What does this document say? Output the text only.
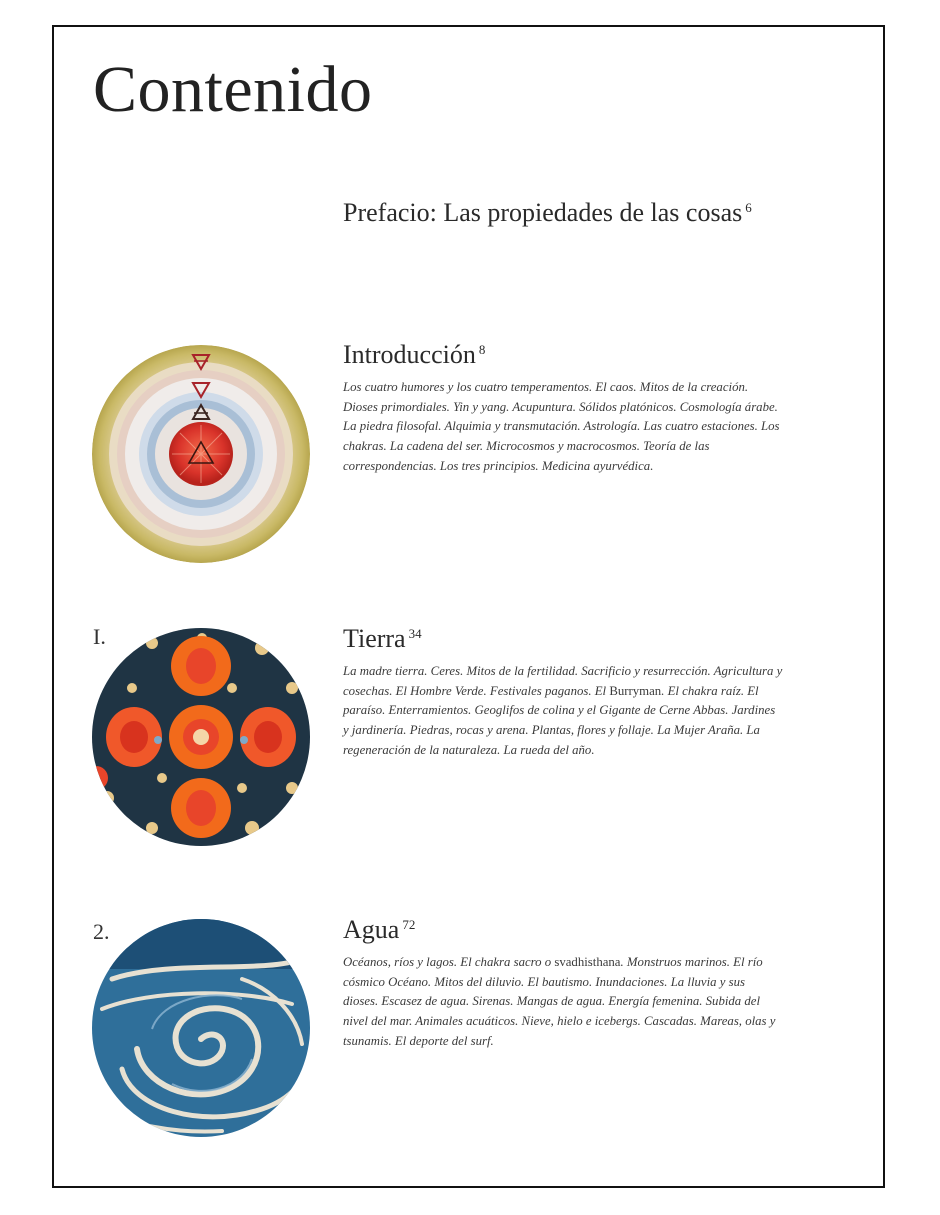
Contenido
Prefacio: Las propiedades de las cosas $^6$
Introducción $^8$

Los cuatro humores y los cuatro temperamentos. El caos. Mitos de la creación. Dioses primordiales. Yin y yang. Acupuntura. Sólidos platónicos. Cosmología árabe. La piedra filosofal. Alquimia y transmutación. Astrología. Las cuatro estaciones. Los chakras. La cadena del ser. Microcosmos y macrocosmos. Teoría de las correspondencias. Los tres principios. Medicina ayurvédica.

I.	Tierra $^{34}$

La madre tierra. Ceres. Mitos de la fertilidad. Sacrificio y resurrección. Agricultura y cosechas. El Hombre Verde. Festivales paganos. El Burryman. El chakra raíz. El paraíso. Enterramientos. Geoglifos de colina y el Gigante de Cerne Abbas. Jardines y jardinería. Piedras, rocas y arena. Plantas, flores y follaje. La Mujer Araña. La regeneración de la naturaleza. La rueda del año.

2.	Agua $^{72}$

Océanos, ríos y lagos. El chakra sacro o svadhisthana. Monstruos marinos. El río cósmico Océano. Mitos del diluvio. El bautismo. Inundaciones. La lluvia y sus dioses. Escasez de agua. Sirenas. Mangas de agua. Energía femenina. Subida del nivel del mar. Animales acuáticos. Nieve, hielo e icebergs. Cascadas. Mareas, olas y tsunamis. El deporte del surf.
